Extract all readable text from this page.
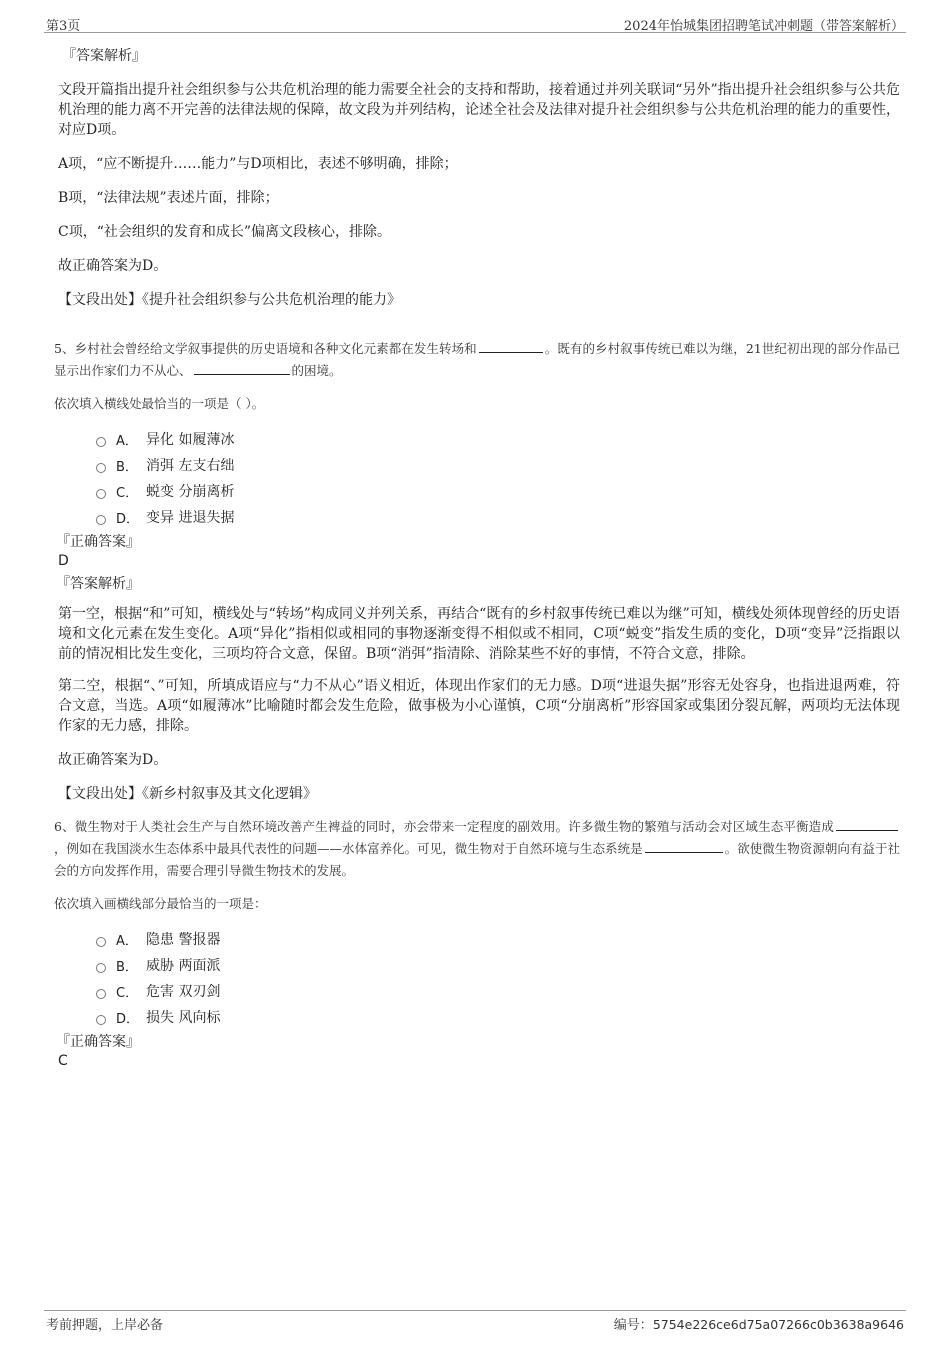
第3页	2024年怡城集团招聘笔试冲刺题（带答案解析）
『答案解析』

文段开篇指出提升社会组织参与公共危机治理的能力需要全社会的支持和帮助，接着通过并列关联词“另外”指出提升社会组织参与公共危机治理的能力离不开完善的法律法规的保障，故文段为并列结构，论述全社会及法律对提升社会组织参与公共危机治理的能力的重要性，对应D项。

A项，“应不断提升……能力”与D项相比，表述不够明确，排除；

B项，“法律法规”表述片面，排除；

C项，“社会组织的发育和成长”偏离文段核心，排除。

故正确答案为D。

【文段出处】《提升社会组织参与公共危机治理的能力》

5、乡村社会曾经给文学叙事提供的历史语境和各种文化元素都在发生转场和	。既有的乡村叙事传统已难以为继，21世纪初出现的部分作品已显示出作家们力不从心、	的困境。

依次填入横线处最恰当的一项是（ ）。
A． 异化 如履薄冰
B． 消弭 左支右绌
C． 蜕变 分崩离析
D． 变异 进退失据
『正确答案』
D
『答案解析』

第一空，根据“和”可知，横线处与“转场”构成同义并列关系，再结合“既有的乡村叙事传统已难以为继”可知，横线处须体现曾经的历史语境和文化元素在发生变化。A项“异化”指相似或相同的事物逐渐变得不相似或不相同，C项“蜕变”指发生质的变化，D项“变异”泛指跟以前的情况相比发生变化，三项均符合文意，保留。B项“消弭”指清除、消除某些不好的事情，不符合文意，排除。

第二空，根据“、”可知，所填成语应与“力不从心”语义相近，体现出作家们的无力感。D项“进退失据”形容无处容身，也指进退两难，符合文意，当选。A项“如履薄冰”比喻随时都会发生危险，做事极为小心谨慎，C项“分崩离析”形容国家或集团分裂瓦解，两项均无法体现作家的无力感，排除。

故正确答案为D。

【文段出处】《新乡村叙事及其文化逻辑》

6、微生物对于人类社会生产与自然环境改善产生裨益的同时，亦会带来一定程度的副效用。许多微生物的繁殖与活动会对区域生态平衡造成，例如在我国淡水生态体系中最具代表性的问题——水体富养化。可见，微生物对于自然环境与生态系统是	。欲使微生物资源朝向有益于社会的方向发挥作用，需要合理引导微生物技术的发展。

依次填入画横线部分最恰当的一项是：
A． 隐患 警报器
B． 威胁 两面派
C． 危害 双刃剑
D． 损失 风向标
『正确答案』
C
考前押题，上岸必备	编号：5754e226ce6d75a07266c0b3638a9646
